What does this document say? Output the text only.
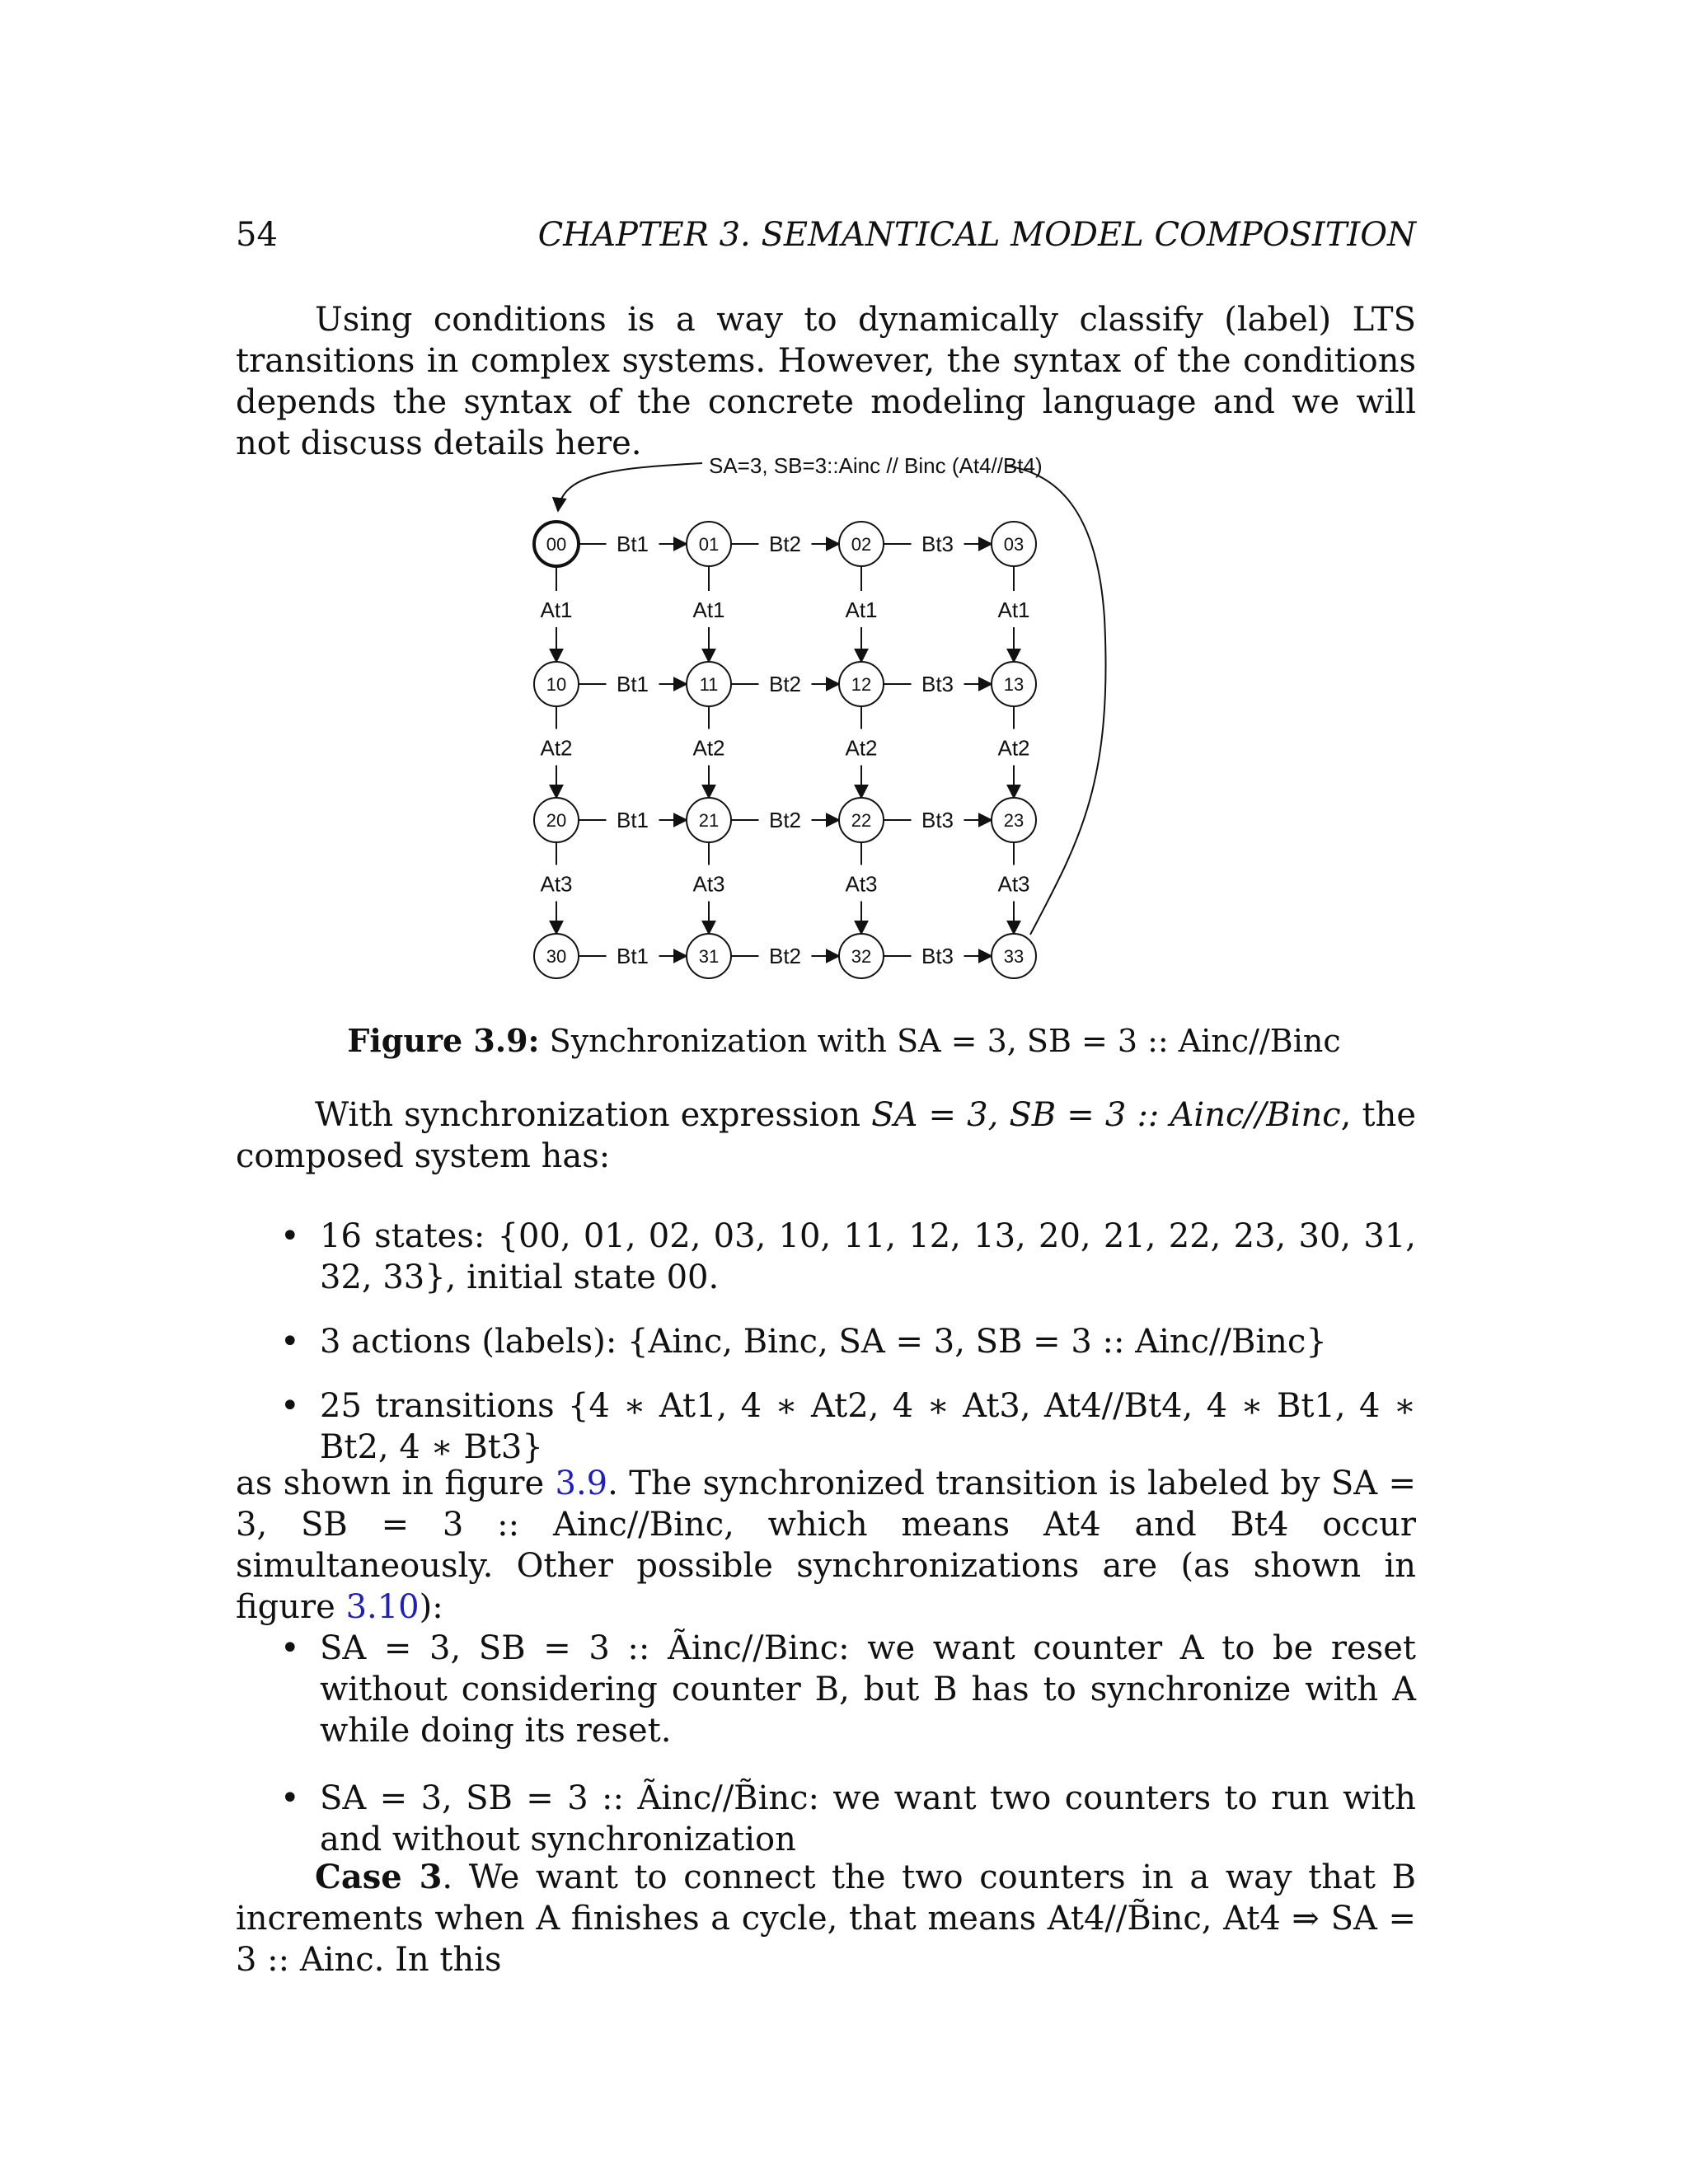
54	CHAPTER 3. SEMANTICAL MODEL COMPOSITION

Using conditions is a way to dynamically classify (label) LTS transitions in complex systems. However, the syntax of the conditions depends the syntax of the concrete modeling language and we will not discuss details here.

SA=3, SB=3::Ainc // Binc (At4//Bt4)
Bt1	Bt2	Bt3
Bt1	Bt2	Bt3
Bt1	Bt2	Bt3
Bt1	Bt2	Bt3
At1	At1	At1	At1
At2	At2	At2	At2
At3	At3	At3	At3
00	01	02	03
10	11	12	13
20	21	22	23
30	31	32	33
Figure 3.9: Synchronization with SA = 3, SB = 3 :: Ainc//Binc

With synchronization expression SA = 3, SB = 3 :: Ainc//Binc, the composed system has:

• 16 states: {00, 01, 02, 03, 10, 11, 12, 13, 20, 21, 22, 23, 30, 31, 32, 33}, initial state 00.
• 3 actions (labels): {Ainc, Binc, SA = 3, SB = 3 :: Ainc//Binc}
• 25 transitions {4 ∗ At1, 4 ∗ At2, 4 ∗ At3, At4//Bt4, 4 ∗ Bt1, 4 ∗ Bt2, 4 ∗ Bt3}

as shown in figure 3.9. The synchronized transition is labeled by SA = 3, SB = 3 :: Ainc//Binc, which means At4 and Bt4 occur simultaneously. Other possible synchronizations are (as shown in figure 3.10):

• SA = 3, SB = 3 :: Ãinc//Binc: we want counter A to be reset without considering counter B, but B has to synchronize with A while doing its reset.
• SA = 3, SB = 3 :: Ãinc//B̃inc: we want two counters to run with and without synchronization

Case 3. We want to connect the two counters in a way that B increments when A finishes a cycle, that means At4//B̃inc, At4 ⇒ SA = 3 :: Ainc. In this
